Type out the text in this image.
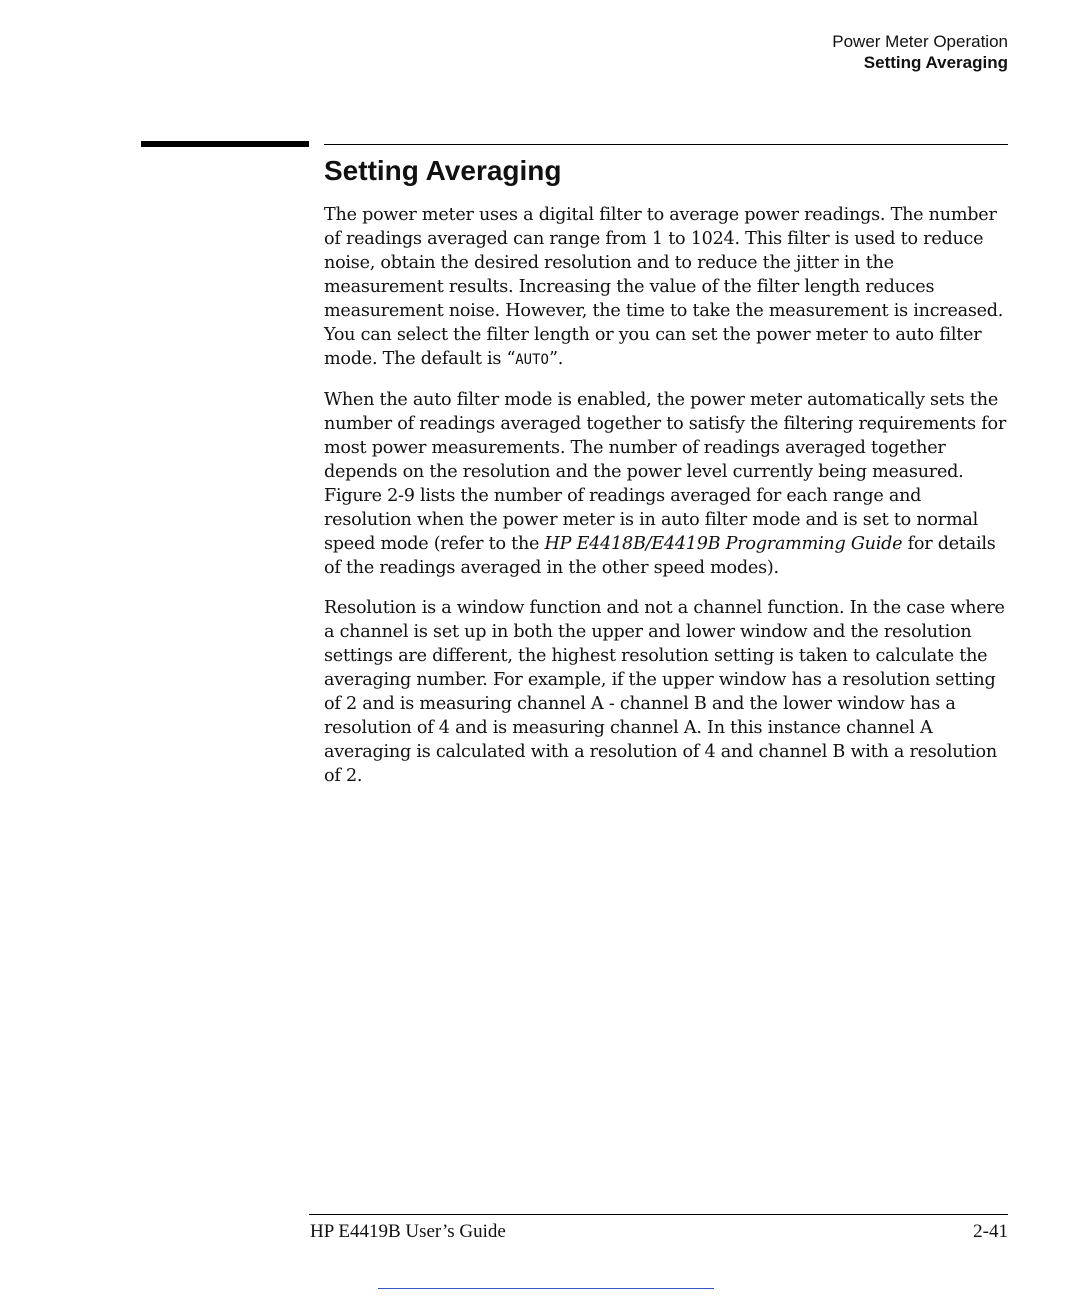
Power Meter Operation
Setting Averaging
Setting Averaging

The power meter uses a digital filter to average power readings. The number of readings averaged can range from 1 to 1024. This filter is used to reduce noise, obtain the desired resolution and to reduce the jitter in the measurement results. Increasing the value of the filter length reduces measurement noise. However, the time to take the measurement is increased. You can select the filter length or you can set the power meter to auto filter mode. The default is “AUTO”.

When the auto filter mode is enabled, the power meter automatically sets the number of readings averaged together to satisfy the filtering requirements for most power measurements. The number of readings averaged together depends on the resolution and the power level currently being measured. Figure 2-9 lists the number of readings averaged for each range and resolution when the power meter is in auto filter mode and is set to normal speed mode (refer to the HP E4418B/E4419B Programming Guide for details of the readings averaged in the other speed modes).

Resolution is a window function and not a channel function. In the case where a channel is set up in both the upper and lower window and the resolution settings are different, the highest resolution setting is taken to calculate the averaging number. For example, if the upper window has a resolution setting of 2 and is measuring channel A - channel B and the lower window has a resolution of 4 and is measuring channel A. In this instance channel A averaging is calculated with a resolution of 4 and channel B with a resolution of 2.

HP E4419B User’s Guide	2-41
